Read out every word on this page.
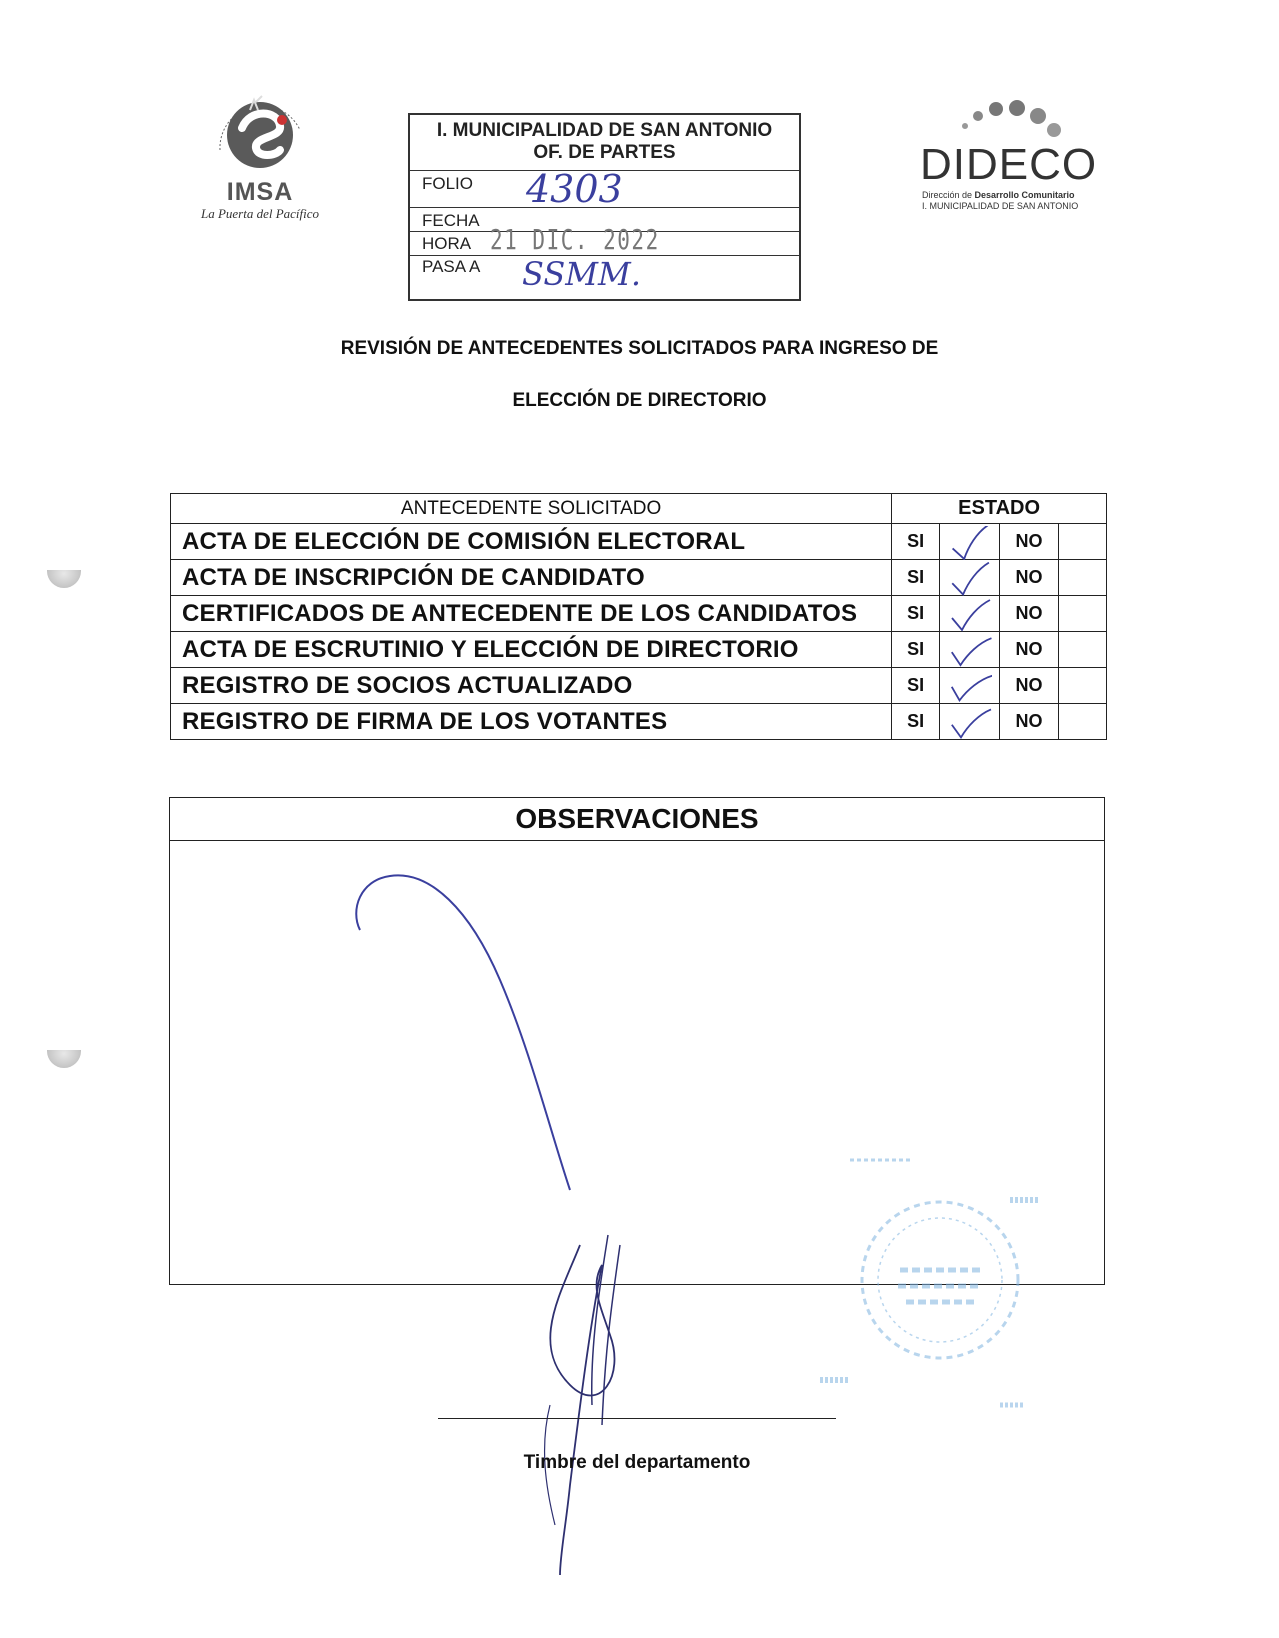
IMSA
La Puerta del Pacífico
I. MUNICIPALIDAD DE SAN ANTONIO
OF. DE PARTES
FOLIO 4303
FECHA
HORA 21 DIC. 2022
PASA A SSMM.
DIDECO
Dirección de Desarrollo Comunitario
I. MUNICIPALIDAD DE SAN ANTONIO
REVISIÓN DE ANTECEDENTES SOLICITADOS PARA INGRESO DE
ELECCIÓN DE DIRECTORIO
ANTECEDENTE SOLICITADO	ESTADO			
ACTA DE ELECCIÓN DE COMISIÓN ELECTORAL	SI		NO	
ACTA DE INSCRIPCIÓN DE CANDIDATO	SI		NO	
CERTIFICADOS DE ANTECEDENTE DE LOS CANDIDATOS	SI		NO	
ACTA DE ESCRUTINIO Y ELECCIÓN DE DIRECTORIO	SI		NO	
REGISTRO DE SOCIOS ACTUALIZADO	SI		NO	
REGISTRO DE FIRMA DE LOS VOTANTES	SI		NO	
OBSERVACIONES
Timbre del departamento
